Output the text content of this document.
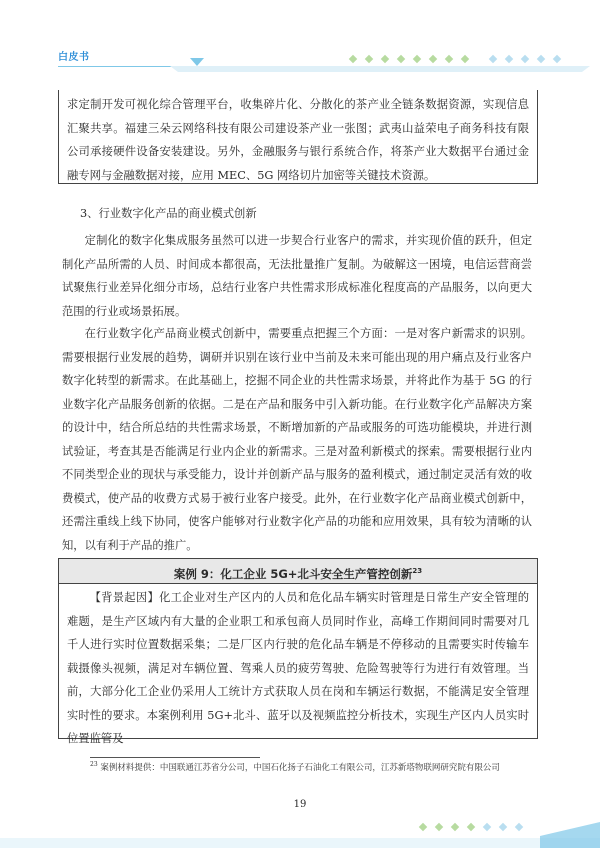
白皮书

求定制开发可视化综合管理平台，收集碎片化、分散化的茶产业全链条数据资源，实现信息汇聚共享。福建三朵云网络科技有限公司建设茶产业一张图；武夷山益荣电子商务科技有限公司承接硬件设备安装建设。另外，金融服务与银行系统合作，将茶产业大数据平台通过金融专网与金融数据对接，应用 MEC、5G 网络切片加密等关键技术资源。

3、行业数字化产品的商业模式创新

定制化的数字化集成服务虽然可以进一步契合行业客户的需求，并实现价值的跃升，但定制化产品所需的人员、时间成本都很高，无法批量推广复制。为破解这一困境，电信运营商尝试聚焦行业差异化细分市场，总结行业客户共性需求形成标准化程度高的产品服务，以向更大范围的行业或场景拓展。

在行业数字化产品商业模式创新中，需要重点把握三个方面：一是对客户新需求的识别。需要根据行业发展的趋势，调研并识别在该行业中当前及未来可能出现的用户痛点及行业客户数字化转型的新需求。在此基础上，挖掘不同企业的共性需求场景，并将此作为基于 5G 的行业数字化产品服务创新的依据。二是在产品和服务中引入新功能。在行业数字化产品解决方案的设计中，结合所总结的共性需求场景，不断增加新的产品或服务的可选功能模块，并进行测试验证，考查其是否能满足行业内企业的新需求。三是对盈利新模式的探索。需要根据行业内不同类型企业的现状与承受能力，设计并创新产品与服务的盈利模式，通过制定灵活有效的收费模式，使产品的收费方式易于被行业客户接受。此外，在行业数字化产品商业模式创新中，还需注重线上线下协同，使客户能够对行业数字化产品的功能和应用效果，具有较为清晰的认知，以有利于产品的推广。

案例 9：化工企业 5G+北斗安全生产管控创新$^{23}$

【背景起因】化工企业对生产区内的人员和危化品车辆实时管理是日常生产安全管理的难题，是生产区域内有大量的企业职工和承包商人员同时作业，高峰工作期间同时需要对几千人进行实时位置数据采集；二是厂区内行驶的危化品车辆是不停移动的且需要实时传输车载摄像头视频，满足对车辆位置、驾乘人员的疲劳驾驶、危险驾驶等行为进行有效管理。当前，大部分化工企业仍采用人工统计方式获取人员在岗和车辆运行数据，不能满足安全管理实时性的要求。本案例利用 5G+北斗、蓝牙以及视频监控分析技术，实现生产区内人员实时位置监管及

$^{23}$ 案例材料提供：中国联通江苏省分公司，中国石化扬子石油化工有限公司，江苏新塔物联网研究院有限公司
19
